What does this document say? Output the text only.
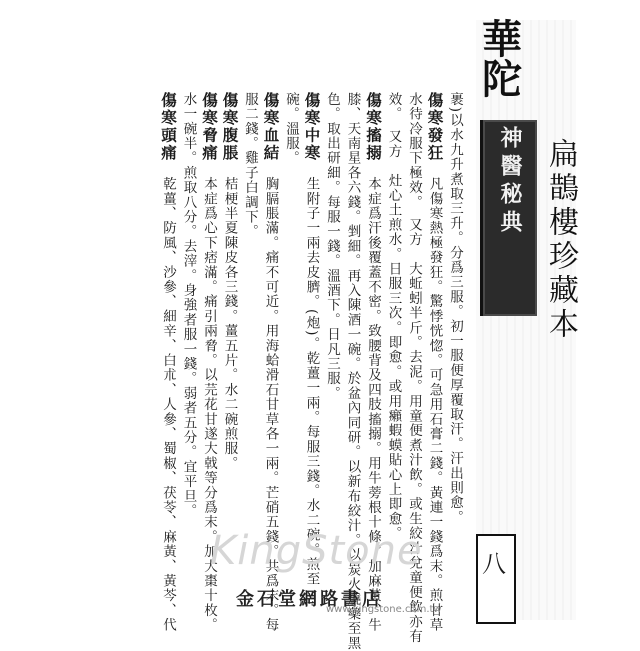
華陀
神醫秘典 扁鵲樓珍藏本
八
裹)以水九升煮取三升。分爲三服。初一服便厚覆取汗。汗出則愈。
傷寒發狂　凡傷寒熱極發狂。驚悸恍惚。可急用石膏二錢。黃連一錢爲末。煎甘草
水待冷服下極效。　又方　大蚯蚓半斤。去泥。用童便煮汁飲。或生絞汁兌童便飲亦有
效。　又方　灶心土煎水。日服三次。即愈。或用癩蝦蟆貼心上即愈。
傷寒搐搦　本症爲汗後覆蓋不密。致腰背及四肢搐搦。用牛蒡根十條。加麻黃、牛
膝、天南星各六錢。剉細。再入陳酒一碗。於盆內同研。以新布絞汁。以炭火燒藥至黑
色。取出研細。每服一錢。溫酒下。日凡三服。
傷寒中寒　生附子一兩去皮臍。(炮)。乾薑一兩。每服三錢。水二碗。煎至
碗。溫服。
傷寒血結　胸膈脹滿。痛不可近。用海蛤滑石甘草各一兩。芒硝五錢。共爲末。每
服二錢。雞子白調下。
傷寒腹脹　桔梗半夏陳皮各三錢。薑五片。水二碗煎服。
傷寒脅痛　本症爲心下痞滿。痛引兩脅。以芫花甘遂大戟等分爲末。加大棗十枚。
水一碗半。煎取八分。去滓。身強者服一錢。弱者五分。宜平旦。
傷寒頭痛　乾薑、防風、沙參、細辛、白朮、人參、蜀椒、茯苓、麻黃、黃芩、代 KingStone
金石堂網路書店
www.kingstone.com.tw
